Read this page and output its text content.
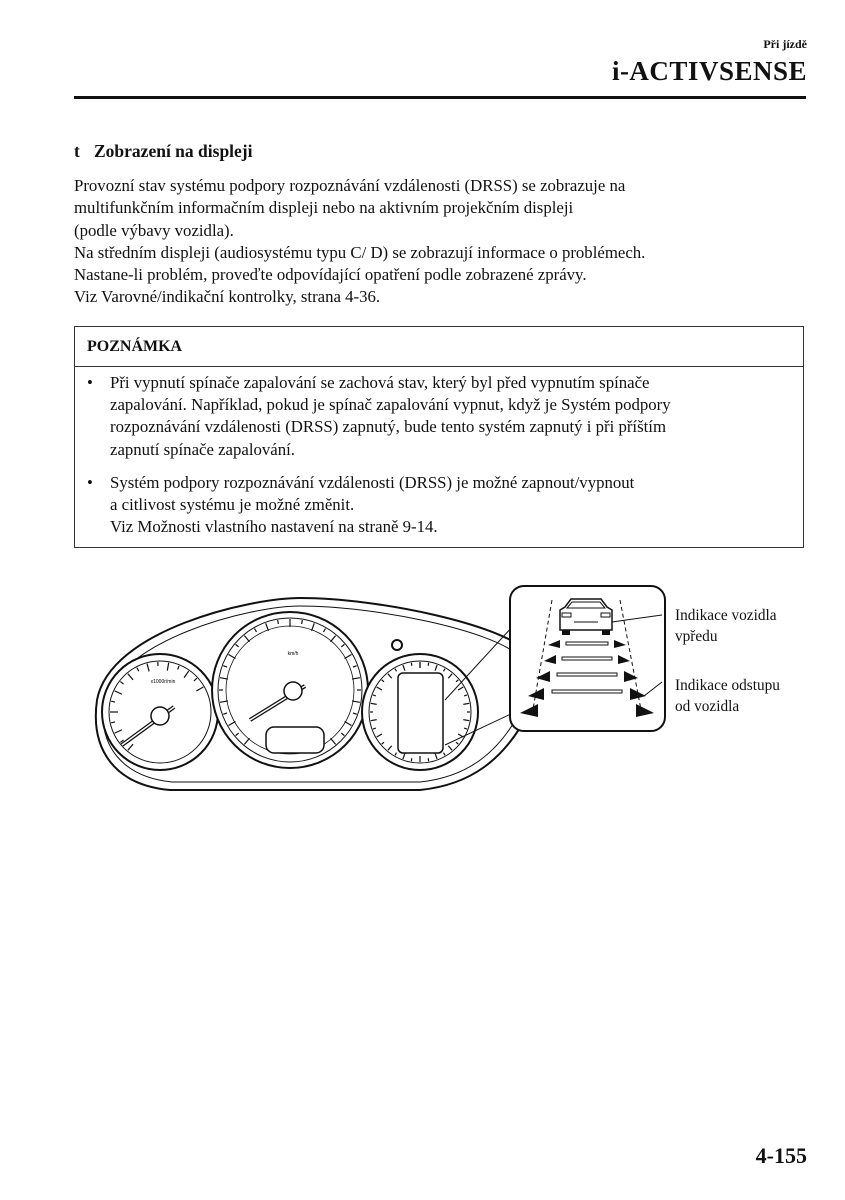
Při jízdě
i-ACTIVSENSE
t Zobrazení na displeji
Provozní stav systému podpory rozpoznávání vzdálenosti (DRSS) se zobrazuje na
multifunkčním informačním displeji nebo na aktivním projekčním displeji
(podle výbavy vozidla).
Na středním displeji (audiosystému typu C/ D) se zobrazují informace o problémech.
Nastane-li problém, proveďte odpovídající opatření podle zobrazené zprávy.
Viz Varovné/indikační kontrolky, strana 4-36.
POZNÁMKA
• Při vypnutí spínače zapalování se zachová stav, který byl před vypnutím spínače
zapalování. Například, pokud je spínač zapalování vypnut, když je Systém podpory
rozpoznávání vzdálenosti (DRSS) zapnutý, bude tento systém zapnutý i při příštím
zapnutí spínače zapalování.
• Systém podpory rozpoznávání vzdálenosti (DRSS) je možné zapnout/vypnout
a citlivost systému je možné změnit.
Viz Možnosti vlastního nastavení na straně 9-14.
x1000r/min
km/h
Indikace vozidla
vpředu
Indikace odstupu
od vozidla
4-155
